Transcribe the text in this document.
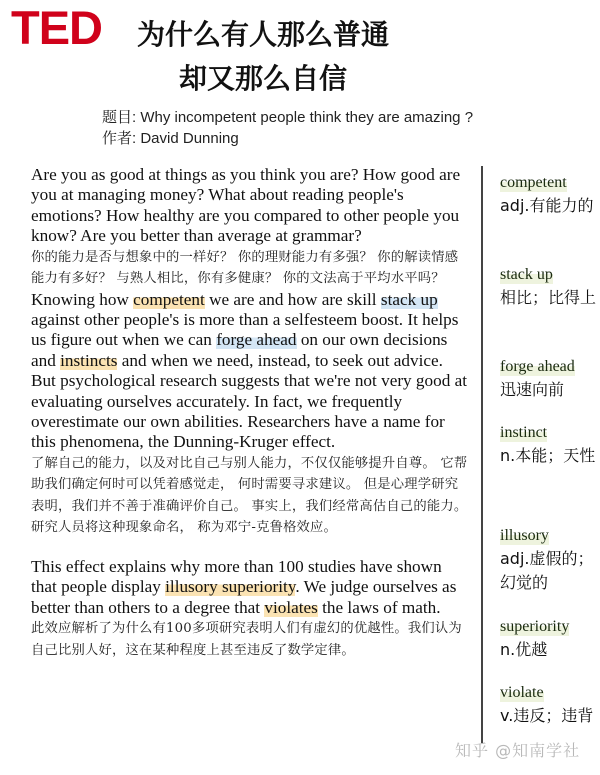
TED	为什么有人那么普通
却又那么自信
题目: Why incompetent people think they are amazing ?
作者: David Dunning

Are you as good at things as you think you are? How good are you at managing money? What about reading people's emotions? How healthy are you compared to other people you know? Are you better than average at grammar?

你的能力是否与想象中的一样好？ 你的理财能力有多强？ 你的解读情感能力有多好？ 与熟人相比，你有多健康？ 你的文法高于平均水平吗？

Knowing how competent we are and how are skill stack up against other people's is more than a selfesteem boost. It helps us figure out when we can forge ahead on our own decisions and instincts and when we need, instead, to seek out advice. But psychological research suggests that we're not very good at evaluating ourselves accurately. In fact, we frequently overestimate our own abilities. Researchers have a name for this phenomena, the Dunning-Kruger effect.

了解自己的能力，以及对比自己与别人能力，不仅仅能够提升自尊。 它帮助我们确定何时可以凭着感觉走， 何时需要寻求建议。 但是心理学研究表明，我们并不善于准确评价自己。 事实上，我们经常高估自己的能力。 研究人员将这种现象命名， 称为邓宁-克鲁格效应。

This effect explains why more than 100 studies have shown that people display illusory superiority. We judge ourselves as better than others to a degree that violates the laws of math.

此效应解析了为什么有100多项研究表明人们有虚幻的优越性。我们认为自己比别人好，这在某种程度上甚至违反了数学定律。

competent
adj.有能力的
stack up
相比；比得上
forge ahead
迅速向前
instinct
n.本能；天性
illusory
adj.虚假的；幻觉的
superiority
n.优越
violate
v.违反；违背
知乎 @知南学社
